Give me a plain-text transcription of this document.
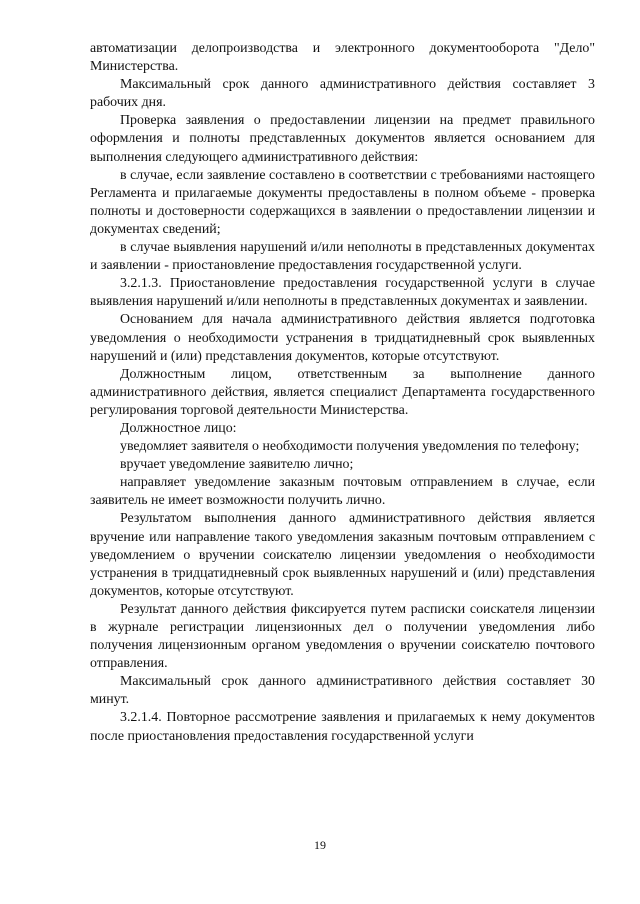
автоматизации делопроизводства и электронного документооборота "Дело" Министерства.

Максимальный срок данного административного действия составляет 3 рабочих дня.

Проверка заявления о предоставлении лицензии на предмет правильного оформления и полноты представленных документов является основанием для выполнения следующего административного действия:

в случае, если заявление составлено в соответствии с требованиями настоящего Регламента и прилагаемые документы предоставлены в полном объеме - проверка полноты и достоверности содержащихся в заявлении о предоставлении лицензии и документах сведений;

в случае выявления нарушений и/или неполноты в представленных документах и заявлении - приостановление предоставления государственной услуги.

3.2.1.3. Приостановление предоставления государственной услуги в случае выявления нарушений и/или неполноты в представленных документах и заявлении.

Основанием для начала административного действия является подготовка уведомления о необходимости устранения в тридцатидневный срок выявленных нарушений и (или) представления документов, которые отсутствуют.

Должностным лицом, ответственным за выполнение данного административного действия, является специалист Департамента государственного регулирования торговой деятельности Министерства.

Должностное лицо:

уведомляет заявителя о необходимости получения уведомления по телефону;

вручает уведомление заявителю лично;

направляет уведомление заказным почтовым отправлением в случае, если заявитель не имеет возможности получить лично.

Результатом выполнения данного административного действия является вручение или направление такого уведомления заказным почтовым отправлением с уведомлением о вручении соискателю лицензии уведомления о необходимости устранения в тридцатидневный срок выявленных нарушений и (или) представления документов, которые отсутствуют.

Результат данного действия фиксируется путем расписки соискателя лицензии в журнале регистрации лицензионных дел о получении уведомления либо получения лицензионным органом уведомления о вручении соискателю почтового отправления.

Максимальный срок данного административного действия составляет 30 минут.

3.2.1.4. Повторное рассмотрение заявления и прилагаемых к нему документов после приостановления предоставления государственной услуги

19
